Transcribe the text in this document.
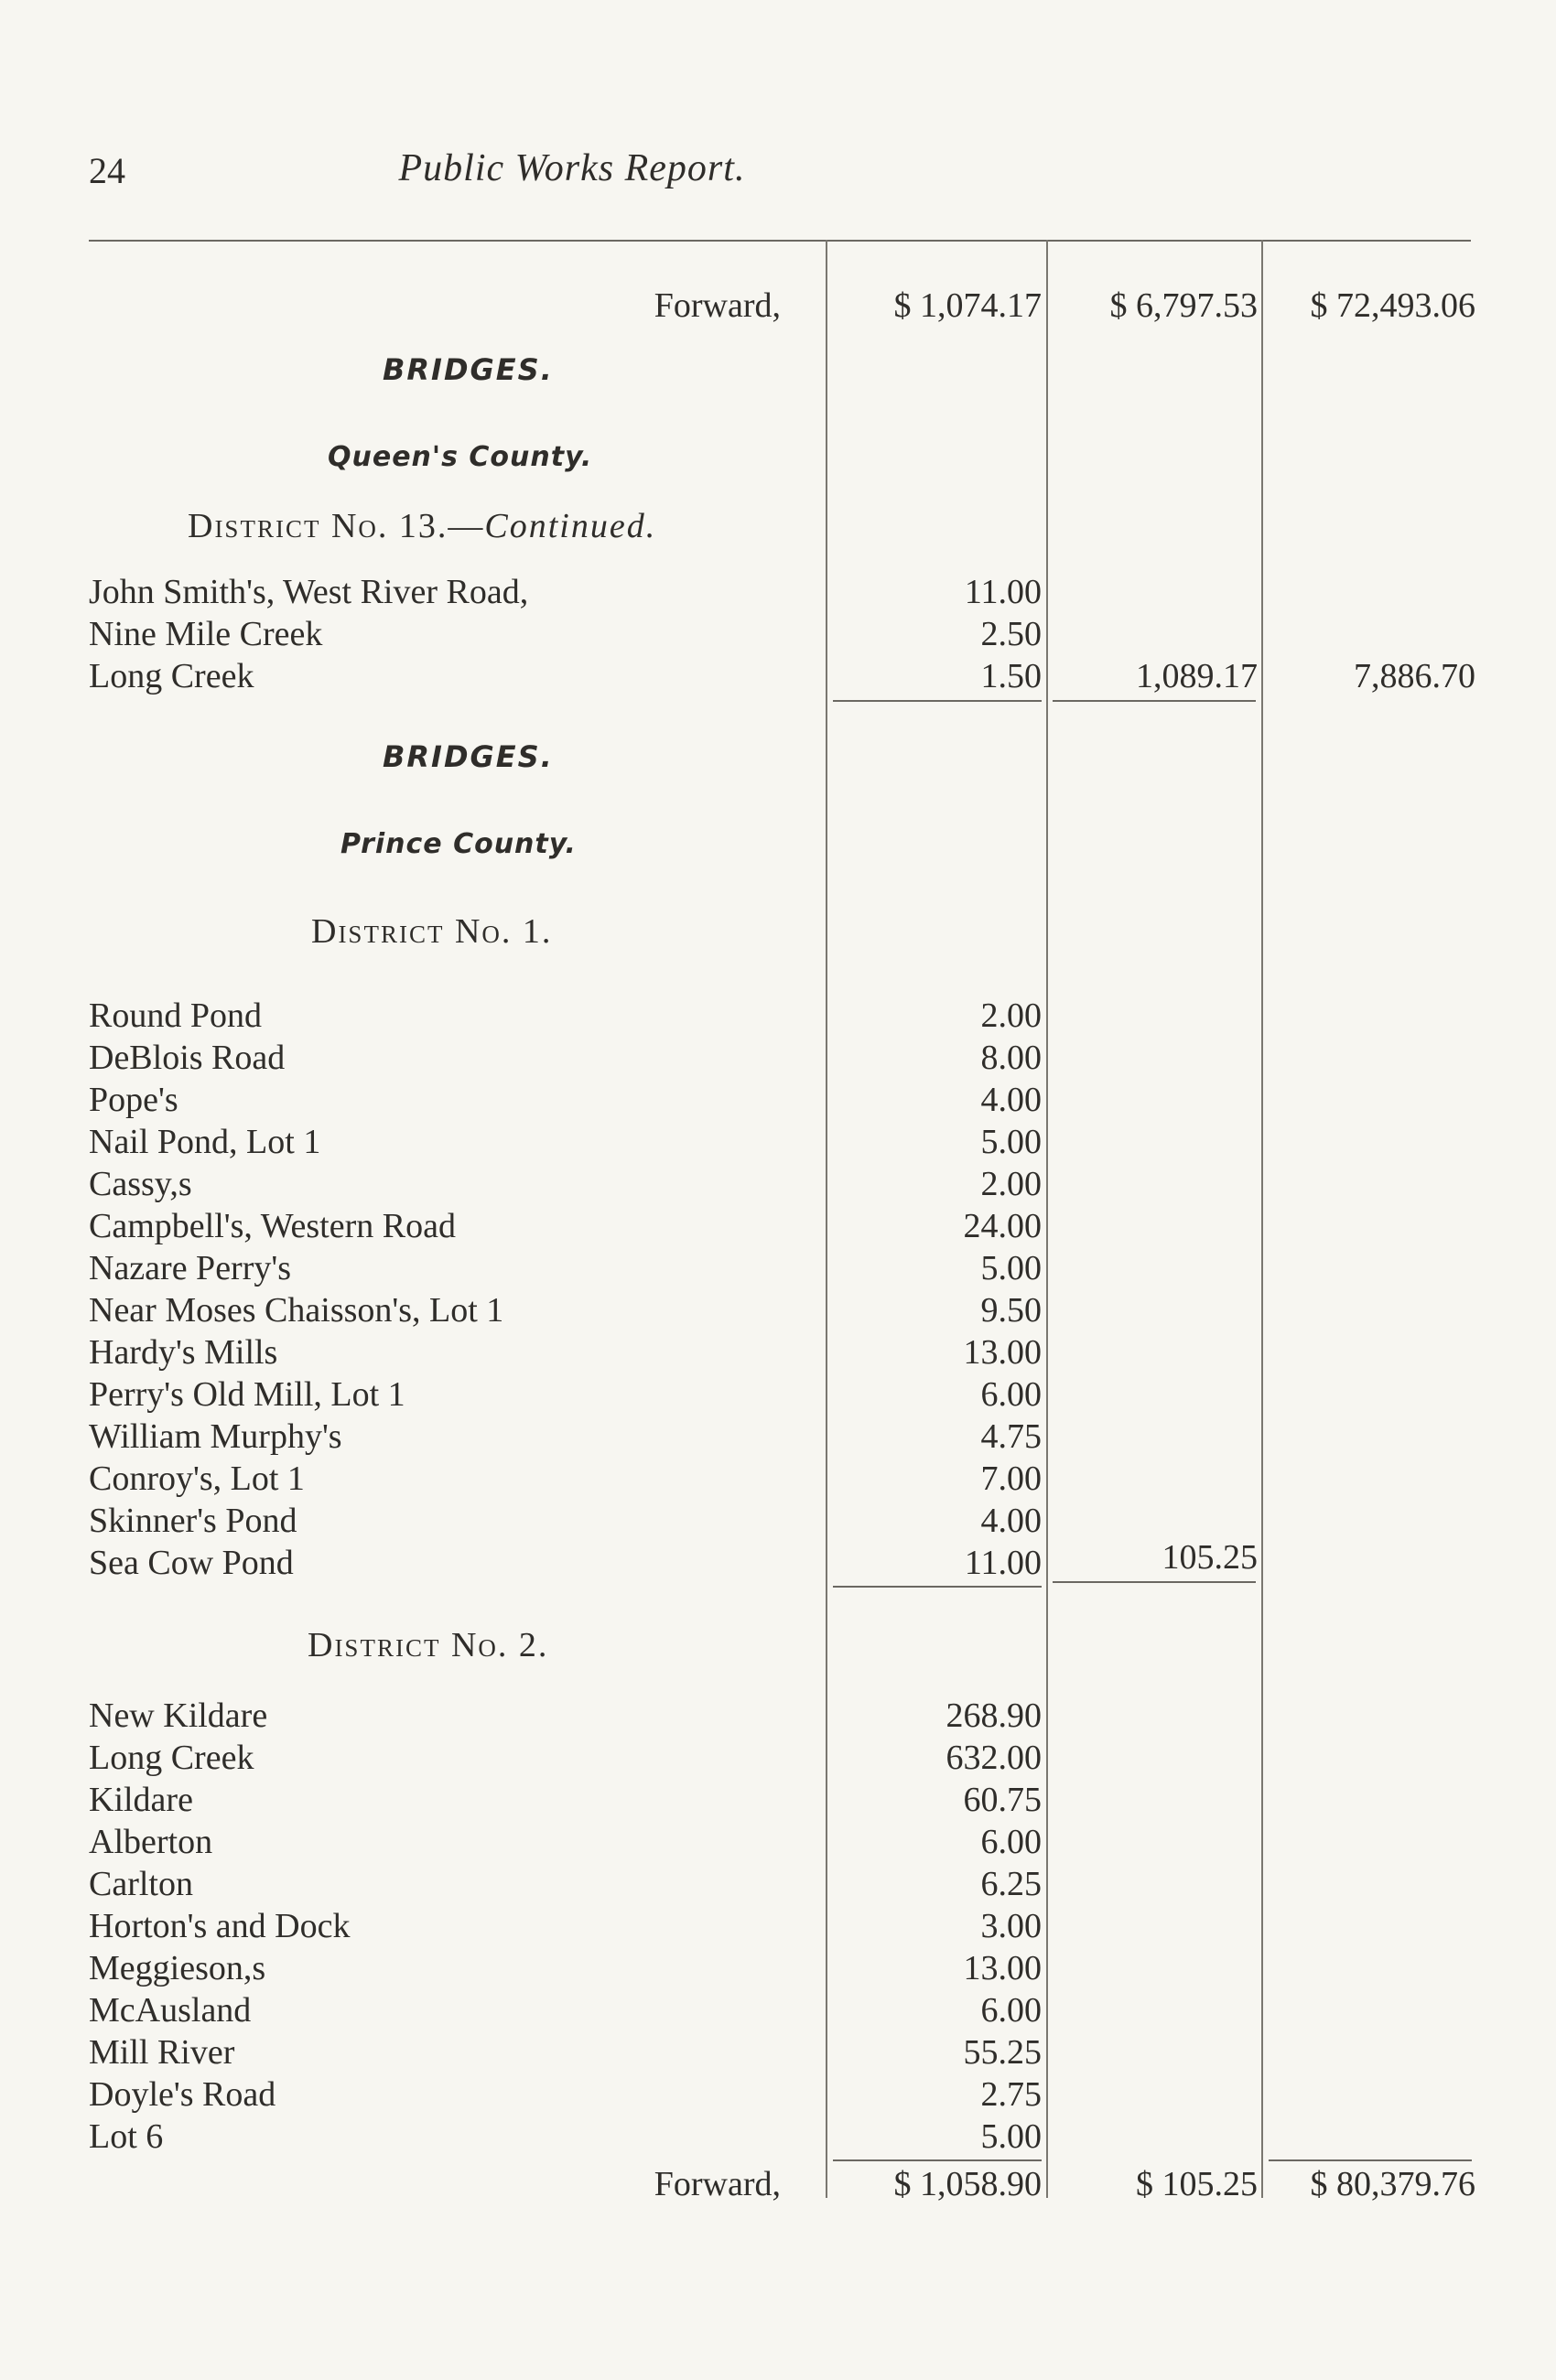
24	Public Works Report.
Forward,	$ 1,074.17 $ 6,797.53 $ 72,493.06
BRIDGES.
Queen's County.
District No. 13.—Continued.
John Smith's, West River Road,	11.00
Nine Mile Creek	2.50
Long Creek	1.50	1,089.17	7,886.70
BRIDGES.
Prince County.
District No. 1.
Round Pond	2.00
DeBlois Road	8.00
Pope's	4.00
Nail Pond, Lot 1	5.00
Cassy,s	2.00
Campbell's, Western Road	24.00
Nazare Perry's	5.00
Near Moses Chaisson's, Lot 1	9.50
Hardy's Mills	13.00
Perry's Old Mill, Lot 1	6.00
William Murphy's	4.75
Conroy's, Lot 1	7.00
Skinner's Pond	4.00
Sea Cow Pond	11.00	105.25
District No. 2.
New Kildare	268.90
Long Creek	632.00
Kildare	60.75
Alberton	6.00
Carlton	6.25
Horton's and Dock	3.00
Meggieson,s	13.00
McAusland	6.00
Mill River	55.25
Doyle's Road	2.75
Lot 6	5.00
Forward,	$ 1,058.90	$ 105.25 $ 80,379.76
